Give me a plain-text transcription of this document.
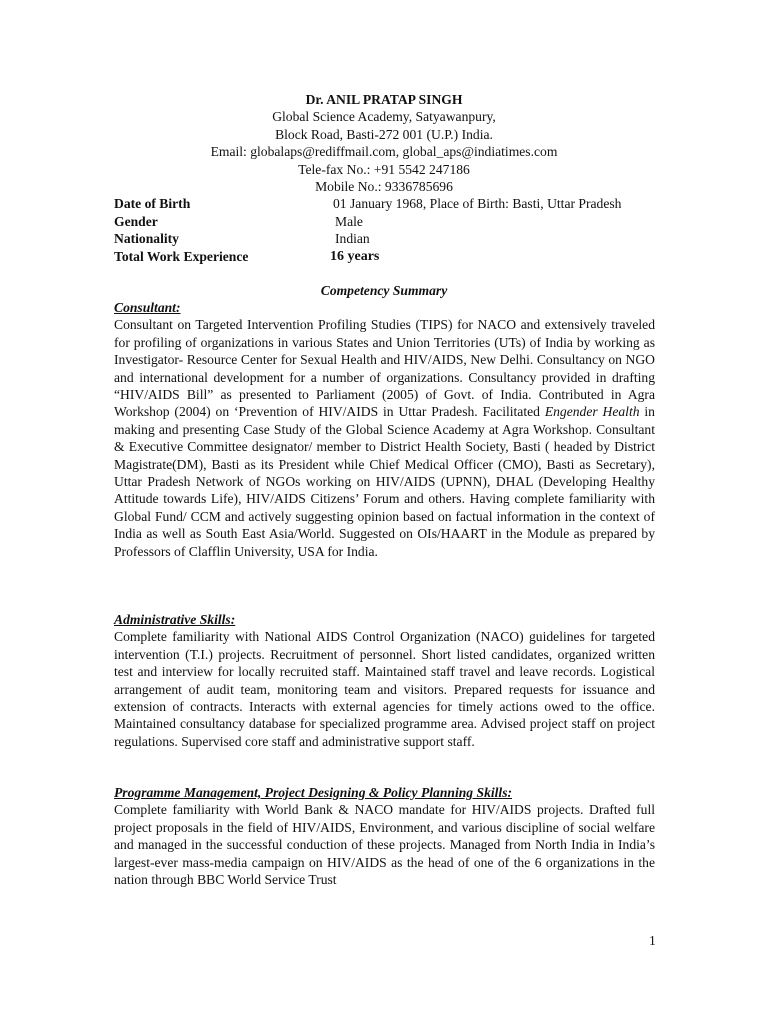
Dr. ANIL PRATAP SINGH
Global Science Academy, Satyawanpury,
Block Road, Basti-272 001 (U.P.) India.
Email: globalaps@rediffmail.com, global_aps@indiatimes.com
Tele-fax No.: +91 5542 247186
Mobile No.: 9336785696
Date of Birth	01 January 1968, Place of Birth: Basti, Uttar Pradesh
Gender	Male
Nationality	Indian
Total Work Experience	16 years
Competency Summary
Consultant:

Consultant on Targeted Intervention Profiling Studies (TIPS) for NACO and extensively traveled for profiling of organizations in various States and Union Territories (UTs) of India by working as Investigator- Resource Center for Sexual Health and HIV/AIDS, New Delhi. Consultancy on NGO and international development for a number of organizations. Consultancy provided in drafting “HIV/AIDS Bill” as presented to Parliament (2005) of Govt. of India. Contributed in Agra Workshop (2004) on ‘Prevention of HIV/AIDS in Uttar Pradesh. Facilitated Engender Health in making and presenting Case Study of the Global Science Academy at Agra Workshop. Consultant & Executive Committee designator/ member to District Health Society, Basti ( headed by District Magistrate(DM), Basti as its President while Chief Medical Officer (CMO), Basti as Secretary), Uttar Pradesh Network of NGOs working on HIV/AIDS (UPNN), DHAL (Developing Healthy Attitude towards Life), HIV/AIDS Citizens’ Forum and others. Having complete familiarity with Global Fund/ CCM and actively suggesting opinion based on factual information in the context of India as well as South East Asia/World. Suggested on OIs/HAART in the Module as prepared by Professors of Clafflin University, USA for India.

Administrative Skills:

Complete familiarity with National AIDS Control Organization (NACO) guidelines for targeted intervention (T.I.) projects. Recruitment of personnel. Short listed candidates, organized written test and interview for locally recruited staff. Maintained staff travel and leave records. Logistical arrangement of audit team, monitoring team and visitors. Prepared requests for issuance and extension of contracts. Interacts with external agencies for timely actions owed to the office. Maintained consultancy database for specialized programme area. Advised project staff on project regulations. Supervised core staff and administrative support staff.

Programme Management, Project Designing & Policy Planning Skills:

Complete familiarity with World Bank & NACO mandate for HIV/AIDS projects. Drafted full project proposals in the field of HIV/AIDS, Environment, and various discipline of social welfare and managed in the successful conduction of these projects. Managed from North India in India’s largest-ever mass-media campaign on HIV/AIDS as the head of one of the 6 organizations in the nation through BBC World Service Trust

1
